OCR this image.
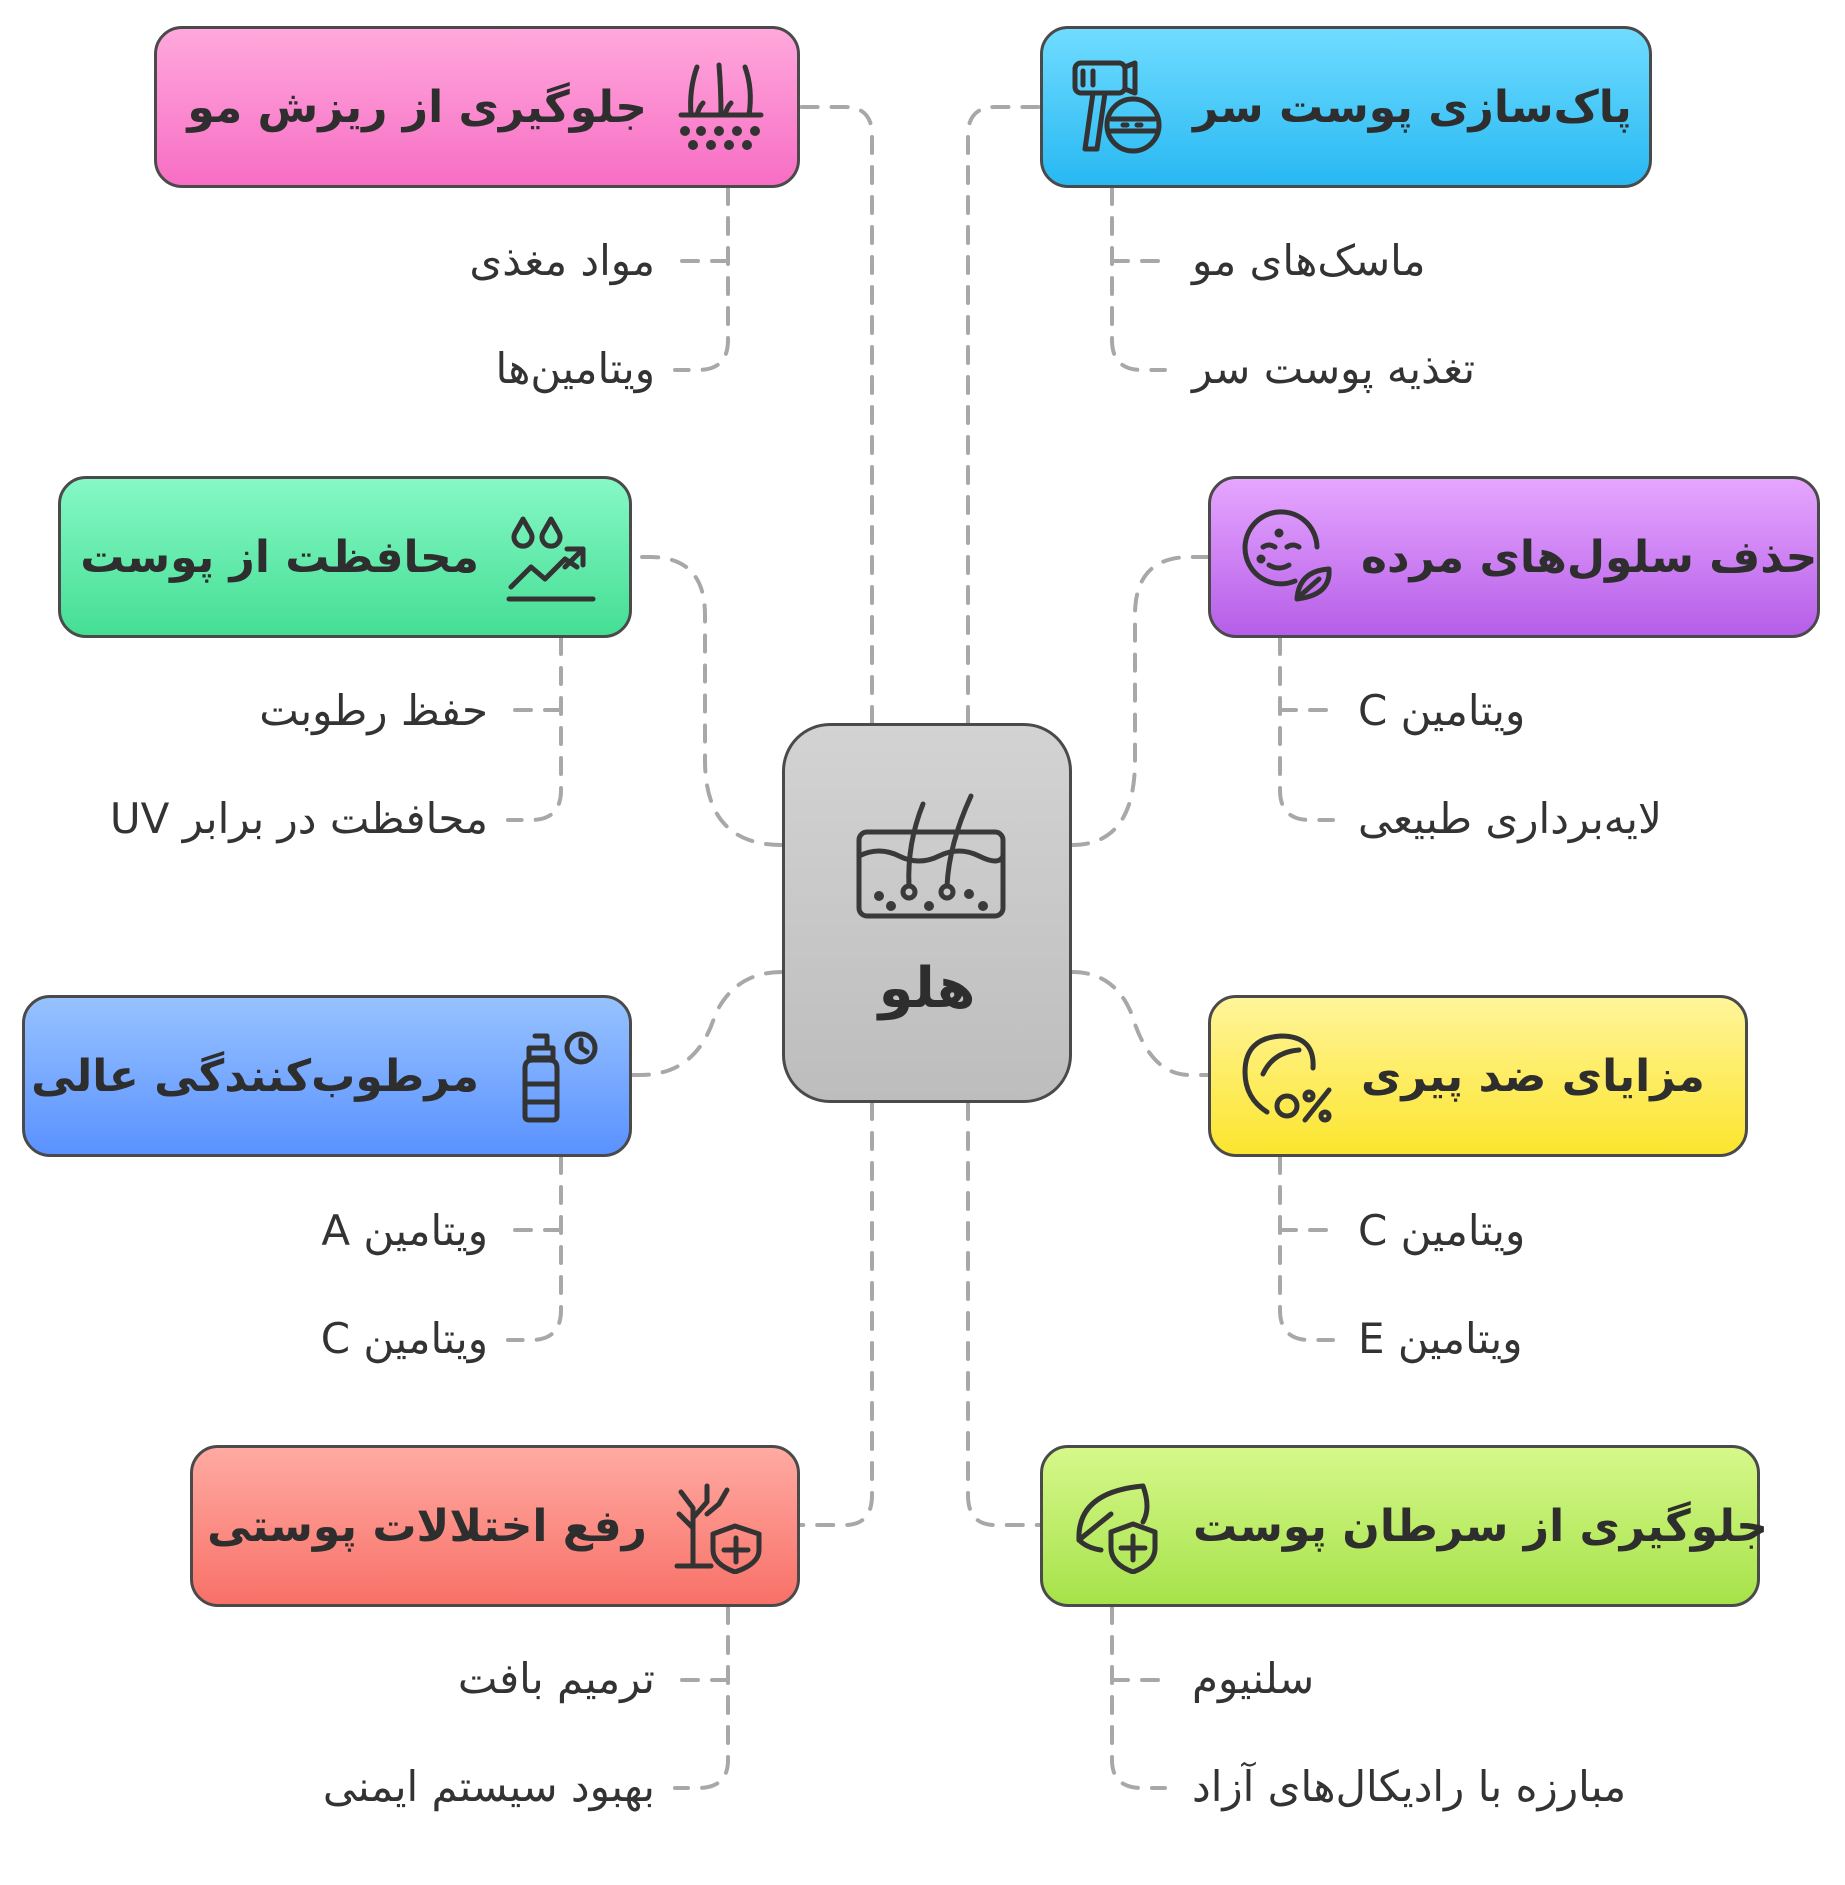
هلو
پاک‌سازی پوست سر
ماسک‌های مو
تغذیه پوست سر
حذف سلول‌های مرده
ویتامین C
لایه‌برداری طبیعی
مزایای ضد پیری
ویتامین C
ویتامین E
جلوگیری از سرطان پوست
سلنیوم
مبارزه با رادیکال‌های آزاد
جلوگیری از ریزش مو
مواد مغذی
ویتامین‌ها
محافظت از پوست
حفظ رطوبت
محافظت در برابر UV
مرطوب‌کنندگی عالی
ویتامین A
ویتامین C
رفع اختلالات پوستی
ترمیم بافت
بهبود سیستم ایمنی
